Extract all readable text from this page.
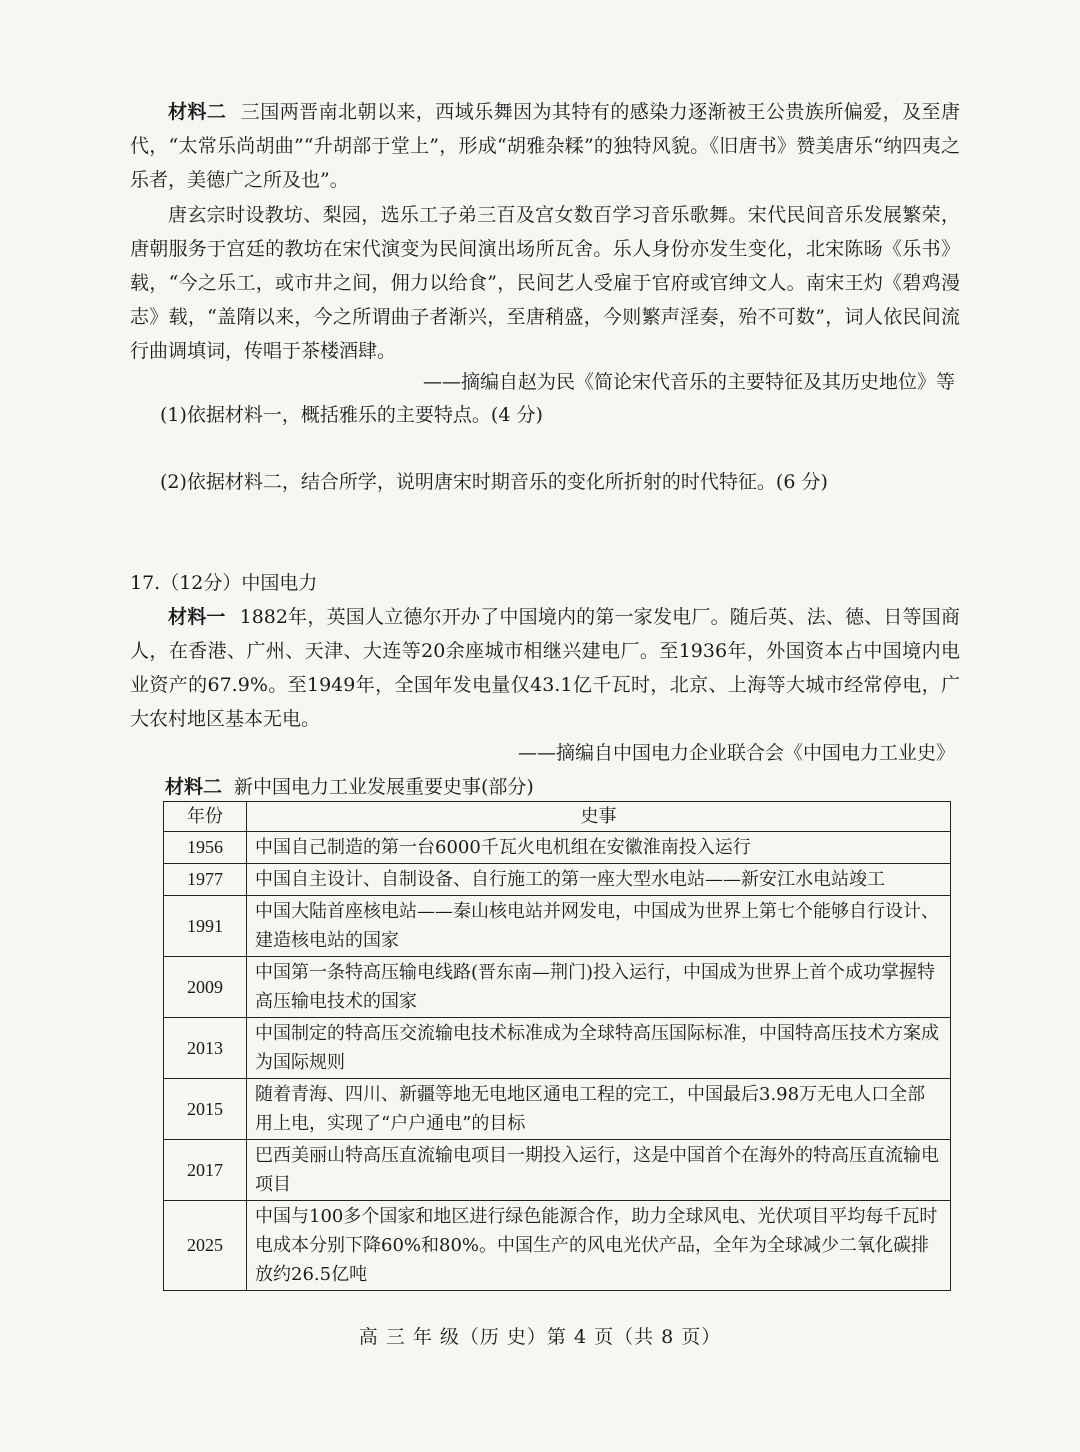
材料二 三国两晋南北朝以来，西域乐舞因为其特有的感染力逐渐被王公贵族所偏爱，及至唐代，“太常乐尚胡曲”“升胡部于堂上”，形成“胡雅杂糅”的独特风貌。《旧唐书》赞美唐乐“纳四夷之乐者，美德广之所及也”。
唐玄宗时设教坊、梨园，选乐工子弟三百及宫女数百学习音乐歌舞。宋代民间音乐发展繁荣，唐朝服务于宫廷的教坊在宋代演变为民间演出场所瓦舍。乐人身份亦发生变化，北宋陈旸《乐书》载，“今之乐工，或市井之间，佣力以给食”，民间艺人受雇于官府或官绅文人。南宋王灼《碧鸡漫志》载，“盖隋以来，今之所谓曲子者渐兴，至唐稍盛，今则繁声淫奏，殆不可数”，词人依民间流行曲调填词，传唱于茶楼酒肆。
——摘编自赵为民《简论宋代音乐的主要特征及其历史地位》等
(1)依据材料一，概括雅乐的主要特点。(4 分)
(2)依据材料二，结合所学，说明唐宋时期音乐的变化所折射的时代特征。(6 分)
17.（12分）中国电力
材料一 1882年，英国人立德尔开办了中国境内的第一家发电厂。随后英、法、德、日等国商人，在香港、广州、天津、大连等20余座城市相继兴建电厂。至1936年，外国资本占中国境内电业资产的67.9%。至1949年，全国年发电量仅43.1亿千瓦时，北京、上海等大城市经常停电，广大农村地区基本无电。
——摘编自中国电力企业联合会《中国电力工业史》
材料二 新中国电力工业发展重要史事(部分)
年份	史事
1956	中国自己制造的第一台6000千瓦火电机组在安徽淮南投入运行
1977	中国自主设计、自制设备、自行施工的第一座大型水电站——新安江水电站竣工
1991	中国大陆首座核电站——秦山核电站并网发电，中国成为世界上第七个能够自行设计、建造核电站的国家
2009	中国第一条特高压输电线路(晋东南—荆门)投入运行，中国成为世界上首个成功掌握特高压输电技术的国家
2013	中国制定的特高压交流输电技术标准成为全球特高压国际标准，中国特高压技术方案成为国际规则
2015	随着青海、四川、新疆等地无电地区通电工程的完工，中国最后3.98万无电人口全部用上电，实现了“户户通电”的目标
2017	巴西美丽山特高压直流输电项目一期投入运行，这是中国首个在海外的特高压直流输电项目
2025	中国与100多个国家和地区进行绿色能源合作，助力全球风电、光伏项目平均每千瓦时电成本分别下降60%和80%。中国生产的风电光伏产品，全年为全球减少二氧化碳排放约26.5亿吨
高 三 年 级（历 史）第 4 页（共 8 页）
